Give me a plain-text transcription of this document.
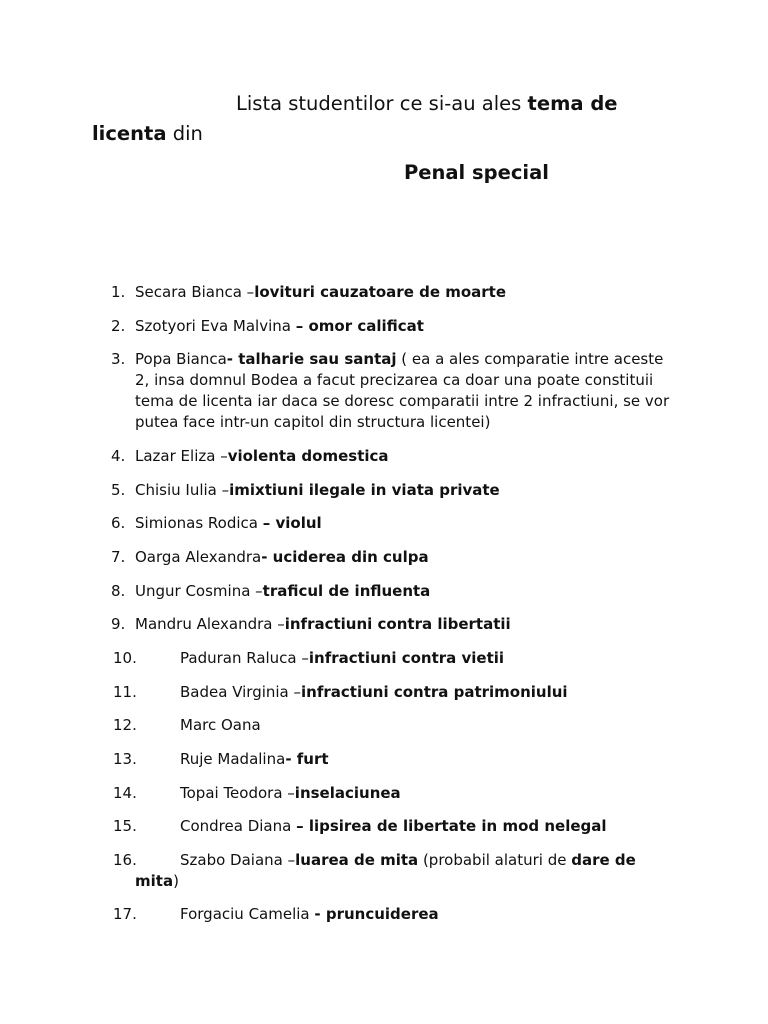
Lista studentilor ce si-au ales tema de
licenta din
Penal special
1. Secara Bianca –lovituri cauzatoare de moarte
2. Szotyori Eva Malvina – omor calificat
3. Popa Bianca- talharie sau santaj ( ea a ales comparatie intre aceste 2, insa domnul Bodea a facut precizarea ca doar una poate constituii tema de licenta iar daca se doresc comparatii intre 2 infractiuni, se vor putea face intr-un capitol din structura licentei)
4. Lazar Eliza –violenta domestica
5. Chisiu Iulia –imixtiuni ilegale in viata private
6. Simionas Rodica – violul
7. Oarga Alexandra- uciderea din culpa
8. Ungur Cosmina –traficul de influenta
9. Mandru Alexandra –infractiuni contra libertatii
10.	Paduran Raluca –infractiuni contra vietii
11.	Badea Virginia –infractiuni contra patrimoniului
12.	Marc Oana
13.	Ruje Madalina- furt
14.	Topai Teodora –inselaciunea
15.	Condrea Diana – lipsirea de libertate in mod nelegal
16.	Szabo Daiana –luarea de mita (probabil alaturi de dare de mita)
17.	Forgaciu Camelia - pruncuiderea
